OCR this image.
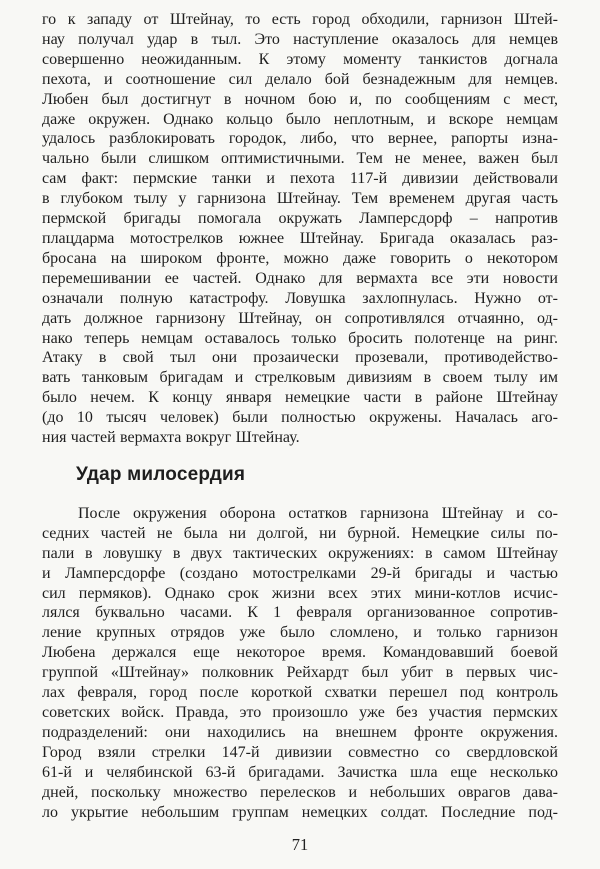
го к западу от Штейнау, то есть город обходили, гарнизон Штей-
нау получал удар в тыл. Это наступление оказалось для немцев
совершенно неожиданным. К этому моменту танкистов догнала
пехота, и соотношение сил делало бой безнадежным для немцев.
Любен был достигнут в ночном бою и, по сообщениям с мест,
даже окружен. Однако кольцо было неплотным, и вскоре немцам
удалось разблокировать городок, либо, что вернее, рапорты изна-
чально были слишком оптимистичными. Тем не менее, важен был
сам факт: пермские танки и пехота 117-й дивизии действовали
в глубоком тылу у гарнизона Штейнау. Тем временем другая часть
пермской бригады помогала окружать Ламперсдорф – напротив
плацдарма мотострелков южнее Штейнау. Бригада оказалась раз-
бросана на широком фронте, можно даже говорить о некотором
перемешивании ее частей. Однако для вермахта все эти новости
означали полную катастрофу. Ловушка захлопнулась. Нужно от-
дать должное гарнизону Штейнау, он сопротивлялся отчаянно, од-
нако теперь немцам оставалось только бросить полотенце на ринг.
Атаку в свой тыл они прозаически прозевали, противодейство-
вать танковым бригадам и стрелковым дивизиям в своем тылу им
было нечем. К концу января немецкие части в районе Штейнау
(до 10 тысяч человек) были полностью окружены. Началась аго-
ния частей вермахта вокруг Штейнау.
Удар милосердия
После окружения оборона остатков гарнизона Штейнау и со-
седних частей не была ни долгой, ни бурной. Немецкие силы по-
пали в ловушку в двух тактических окружениях: в самом Штейнау
и Ламперсдорфе (создано мотострелками 29-й бригады и частью
сил пермяков). Однако срок жизни всех этих мини-котлов исчис-
лялся буквально часами. К 1 февраля организованное сопротив-
ление крупных отрядов уже было сломлено, и только гарнизон
Любена держался еще некоторое время. Командовавший боевой
группой «Штейнау» полковник Рейхардт был убит в первых чис-
лах февраля, город после короткой схватки перешел под контроль
советских войск. Правда, это произошло уже без участия пермских
подразделений: они находились на внешнем фронте окружения.
Город взяли стрелки 147-й дивизии совместно со свердловской
61-й и челябинской 63-й бригадами. Зачистка шла еще несколько
дней, поскольку множество перелесков и небольших оврагов дава-
ло укрытие небольшим группам немецких солдат. Последние под-
71
